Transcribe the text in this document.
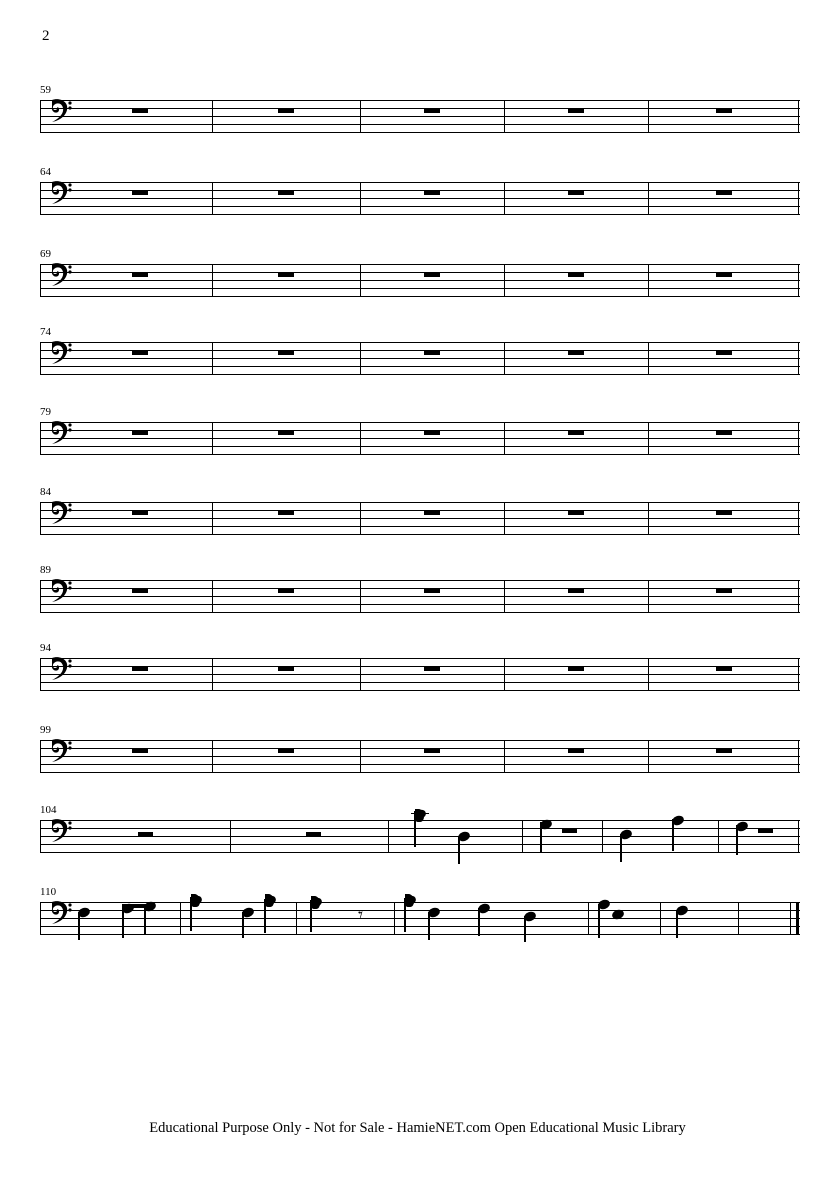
2
59
64
69
74
79
84
89
94
99
104
110
𝄾
Educational Purpose Only - Not for Sale - HamieNET.com Open Educational Music Library
